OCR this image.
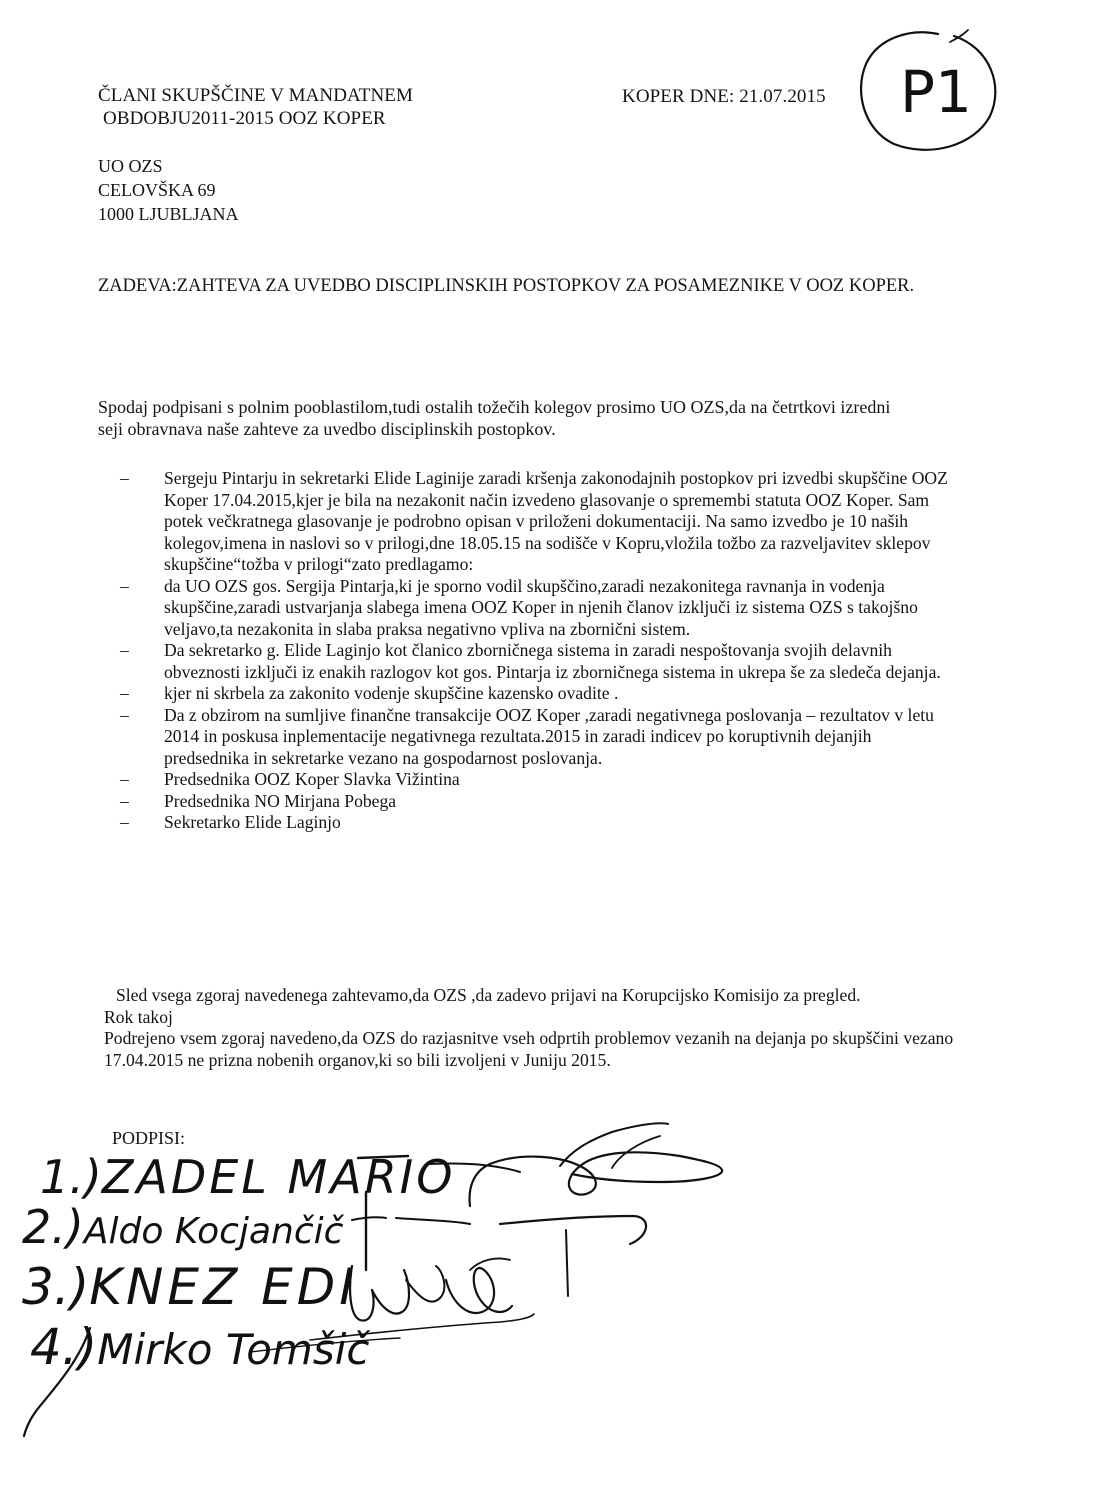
ČLANI SKUPŠČINE V MANDATNEM
OBDOBJU2011-2015 OOZ KOPER
KOPER DNE: 21.07.2015 P1
UO OZS
CELOVŠKA 69
1000 LJUBLJANA
ZADEVA:ZAHTEVA ZA UVEDBO DISCIPLINSKIH POSTOPKOV ZA POSAMEZNIKE V OOZ KOPER.
Spodaj podpisani s polnim pooblastilom,tudi ostalih tožečih kolegov prosimo UO OZS,da na četrtkovi izredni seji obravnava naše zahteve za uvedbo disciplinskih postopkov.
–	Sergeju Pintarju in sekretarki Elide Laginije zaradi kršenja zakonodajnih postopkov pri izvedbi skupščine OOZ Koper 17.04.2015,kjer je bila na nezakonit način izvedeno glasovanje o spremembi statuta OOZ Koper. Sam potek večkratnega glasovanje je podrobno opisan v priloženi dokumentaciji. Na samo izvedbo je 10 naših kolegov,imena in naslovi so v prilogi,dne 18.05.15 na sodišče v Kopru,vložila tožbo za razveljavitev sklepov skupščine“tožba v prilogi“zato predlagamo:
–	da UO OZS gos. Sergija Pintarja,ki je sporno vodil skupščino,zaradi nezakonitega ravnanja in vodenja skupščine,zaradi ustvarjanja slabega imena OOZ Koper in njenih članov izključi iz sistema OZS s takojšno veljavo,ta nezakonita in slaba praksa negativno vpliva na zbornični sistem.
–	Da sekretarko g. Elide Laginjo kot članico zborničnega sistema in zaradi nespoštovanja svojih delavnih obveznosti izključi iz enakih razlogov kot gos. Pintarja iz zborničnega sistema in ukrepa še za sledeča dejanja.
–	kjer ni skrbela za zakonito vodenje skupščine kazensko ovadite .
–	Da z obzirom na sumljive finančne transakcije OOZ Koper ,zaradi negativnega poslovanja – rezultatov v letu 2014 in poskusa inplementacije negativnega rezultata.2015 in zaradi indicev po koruptivnih dejanjih predsednika in sekretarke vezano na gospodarnost poslovanja.
–	Predsednika OOZ Koper Slavka Vižintina
–	Predsednika NO Mirjana Pobega
–	Sekretarko Elide Laginjo
Sled vsega zgoraj navedenega zahtevamo,da OZS ,da zadevo prijavi na Korupcijsko Komisijo za pregled.
Rok takoj
Podrejeno vsem zgoraj navedeno,da OZS do razjasnitve vseh odprtih problemov vezanih na dejanja po skupščini vezano 17.04.2015 ne prizna nobenih organov,ki so bili izvoljeni v Juniju 2015.
PODPISI:
1.)ZADEL MARIO
2.)Aldo Kocjančič
3.)KNEZ EDI
4.)Mirko Tomšič
